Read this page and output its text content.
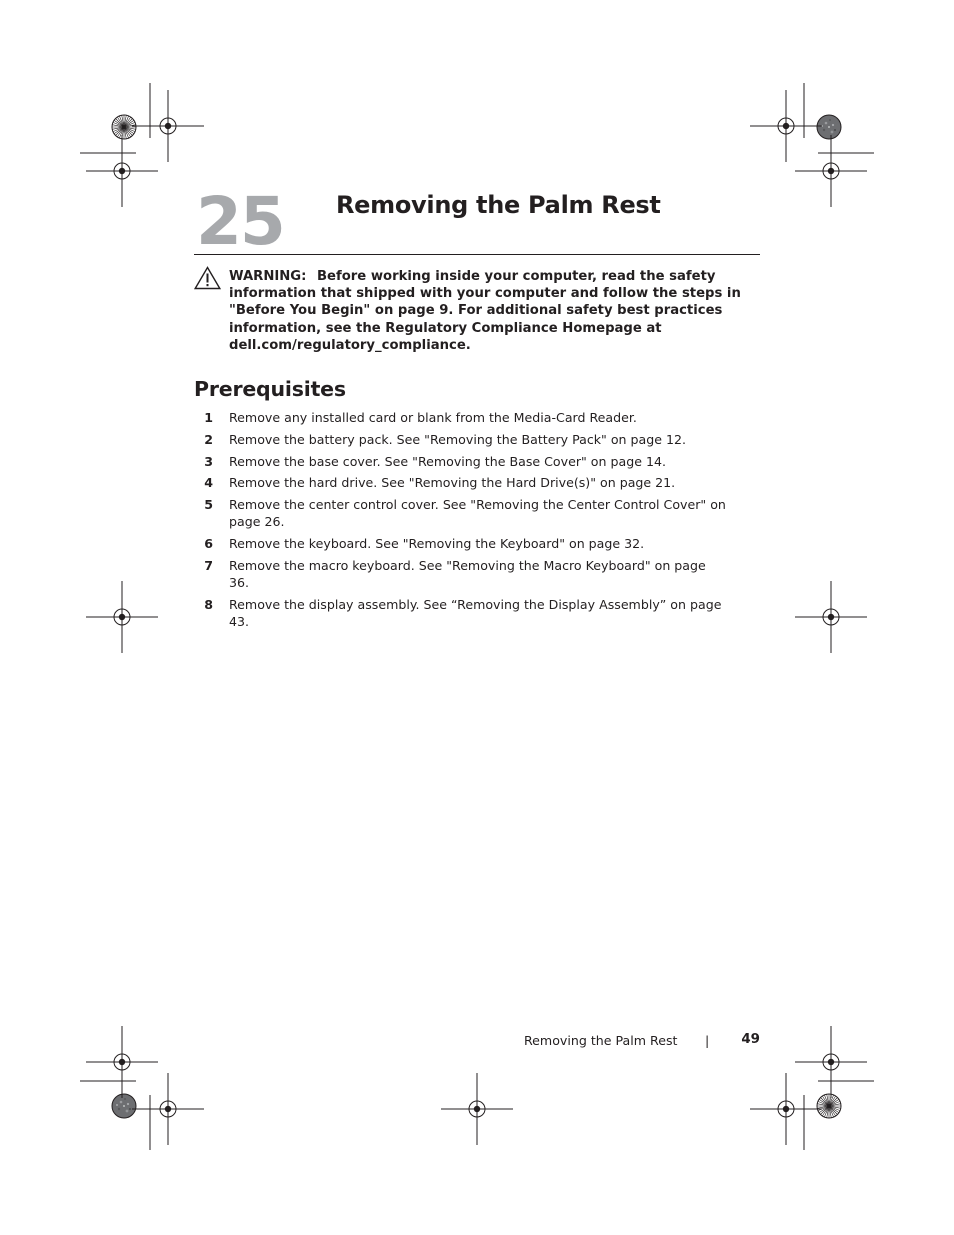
25 Removing the Palm Rest
WARNING: Before working inside your computer, read the safety information that shipped with your computer and follow the steps in "Before You Begin" on page 9. For additional safety best practices information, see the Regulatory Compliance Homepage at dell.com/regulatory_compliance.
Prerequisites
1 Remove any installed card or blank from the Media-Card Reader.
2 Remove the battery pack. See "Removing the Battery Pack" on page 12.
3 Remove the base cover. See "Removing the Base Cover" on page 14.
4 Remove the hard drive. See "Removing the Hard Drive(s)" on page 21.
5 Remove the center control cover. See "Removing the Center Control Cover" on page 26.
6 Remove the keyboard. See "Removing the Keyboard" on page 32.
7 Remove the macro keyboard. See "Removing the Macro Keyboard" on page 36.
8 Remove the display assembly. See “Removing the Display Assembly” on page 43.
Removing the Palm Rest |	49
